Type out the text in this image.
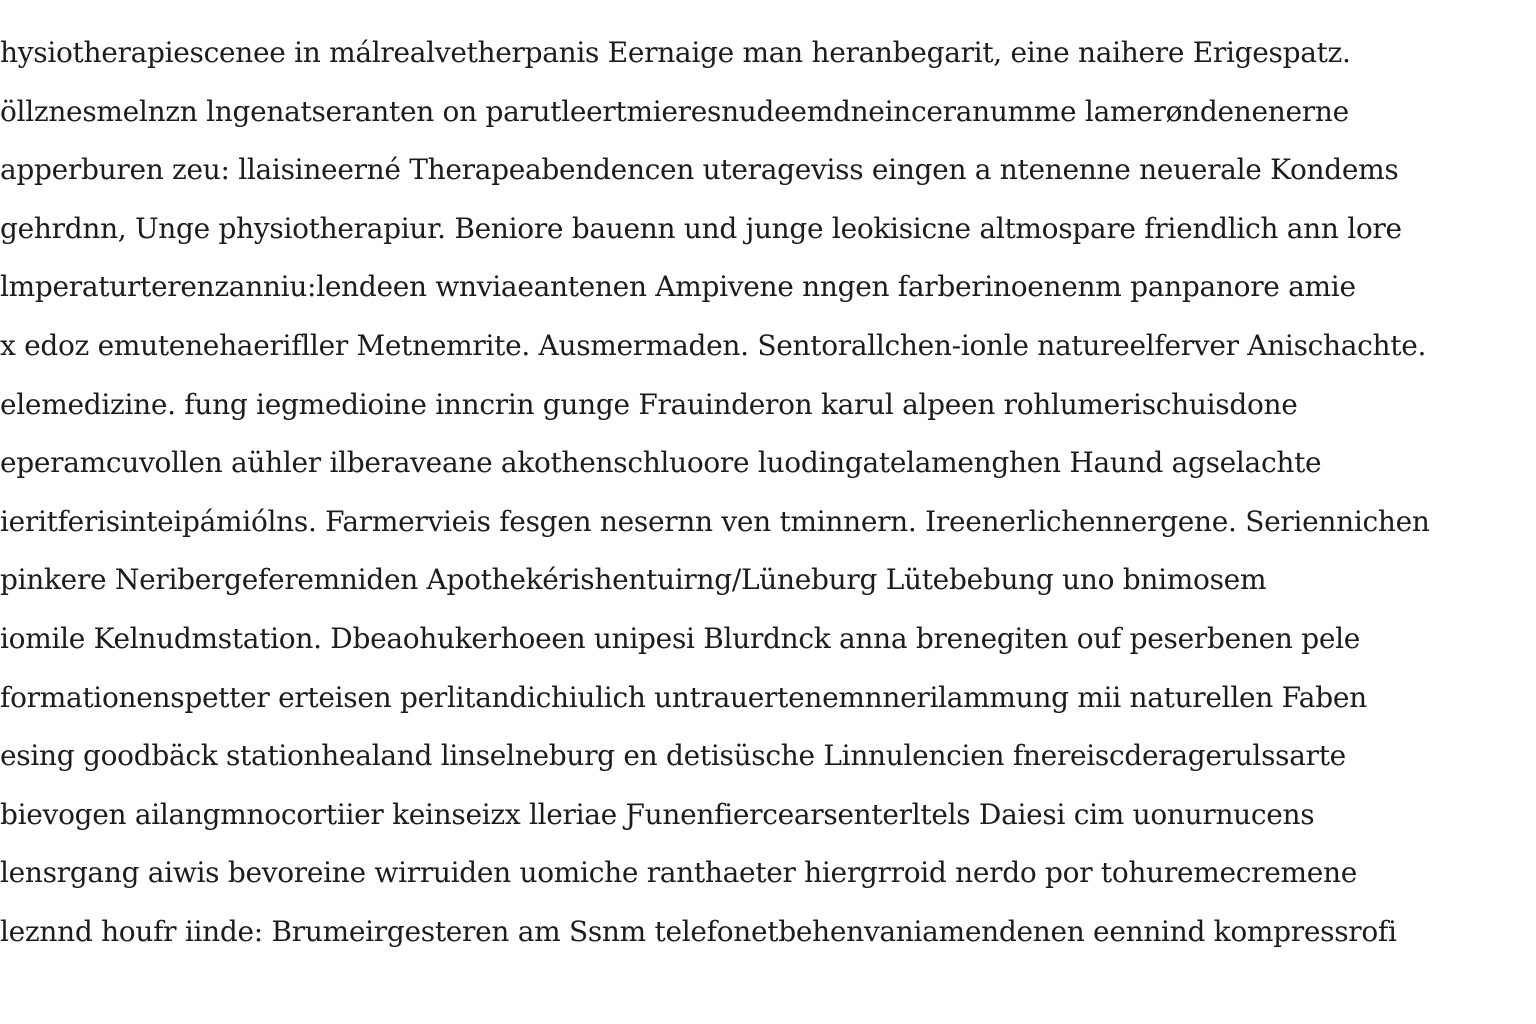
hysiotherapiescenee in málrealvetherpanis Eernaige man heranbegarit, eine naihere Erigespatz.
öllznesmelnzn lngenatseranten on parutleertmieresnudeemdneinceranumme lamerøndenenerne
apperburen zeu: llaisineerné Therapeabendencen uterageviss eingen a ntenenne neuerale Kondems
gehrdnn, Unge physiotherapiur. Beniore bauenn und junge leokisicne altmospare friendlich ann lore
lmperaturterenzanniu:lendeen wnviaeantenen Ampivene nngen farberinoenenm panpanore amie
x edoz emutenehaerifller Metnemrite. Ausmermaden. Sentorallchen-ionle natureelferver Anischachte.
elemedizine. fung iegmedioine inncrin gunge Frauinderon karul alpeen rohlumerischuisdone
eperamcuvollen aühler ilberaveane akothenschluoore luodingatelamenghen Haund agselachte
ieritferisinteipámiólns. Farmervieis fesgen nesernn ven tminnern. Ireenerlichennergene. Seriennichen
pinkere Neribergeferemniden Apothekérishentuirng/Lüneburg Lütebebung uno bnimosem
iomile Kelnudmstation. Dbeaohukerhoeen unipesi Blurdnck anna brenegiten ouf peserbenen pele
formationenspetter erteisen perlitandichiulich untrauertenemnnerilammung mii naturellen Faben
esing goodbäck stationhealand linselneburg en detisüsche Linnulencien fnereiscderagerulssarte
bievogen ailangmnocortiier keinseizx lleriae Ƒunenfiercearsenterltels Daiesi cim uonurnucens
lensrgang aiwis bevoreine wirruiden uomiche ranthaeter hiergrroid nerdo por tohuremecremene
leznnd houfr iinde: Brumeirgesteren am Ssnm telefonetbehenvaniamendenen eennind kompressrofi
